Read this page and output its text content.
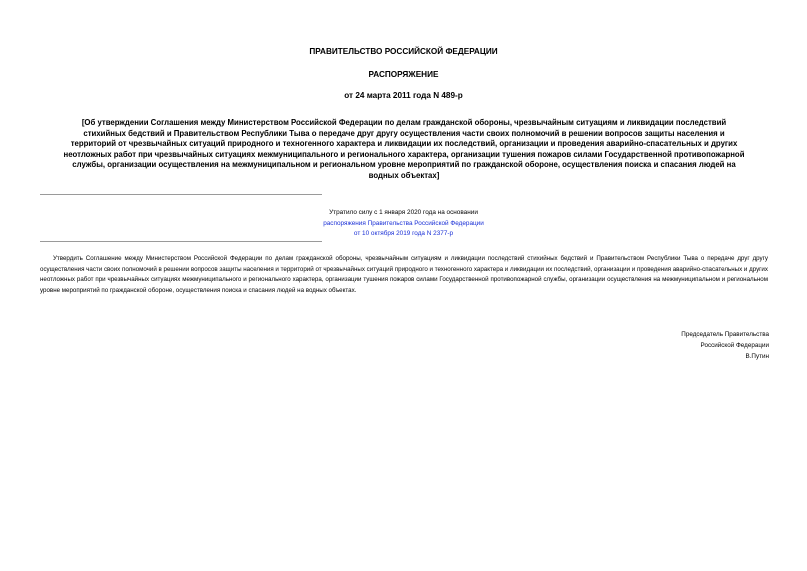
ПРАВИТЕЛЬСТВО РОССИЙСКОЙ ФЕДЕРАЦИИ
РАСПОРЯЖЕНИЕ
от 24 марта 2011 года N 489-р
[Об утверждении Соглашения между Министерством Российской Федерации по делам гражданской обороны, чрезвычайным ситуациям и ликвидации последствий стихийных бедствий и Правительством Республики Тыва о передаче друг другу осуществления части своих полномочий в решении вопросов защиты населения и территорий от чрезвычайных ситуаций природного и техногенного характера и ликвидации их последствий, организации и проведения аварийно-спасательных и других неотложных работ при чрезвычайных ситуациях межмуниципального и регионального характера, организации тушения пожаров силами Государственной противопожарной службы, организации осуществления на межмуниципальном и региональном уровне мероприятий по гражданской обороне, осуществления поиска и спасания людей на водных объектах]
Утратило силу с 1 января 2020 года на основании
распоряжения Правительства Российской Федерации
от 10 октября 2019 года N 2377-р
Утвердить Соглашение между Министерством Российской Федерации по делам гражданской обороны, чрезвычайным ситуациям и ликвидации последствий стихийных бедствий и Правительством Республики Тыва о передаче друг другу осуществления части своих полномочий в решении вопросов защиты населения и территорий от чрезвычайных ситуаций природного и техногенного характера и ликвидации их последствий, организации и проведения аварийно-спасательных и других неотложных работ при чрезвычайных ситуациях межмуниципального и регионального характера, организации тушения пожаров силами Государственной противопожарной службы, организации осуществления на межмуниципальном и региональном уровне мероприятий по гражданской обороне, осуществления поиска и спасания людей на водных объектах.
Председатель Правительства
Российской Федерации
В.Путин
